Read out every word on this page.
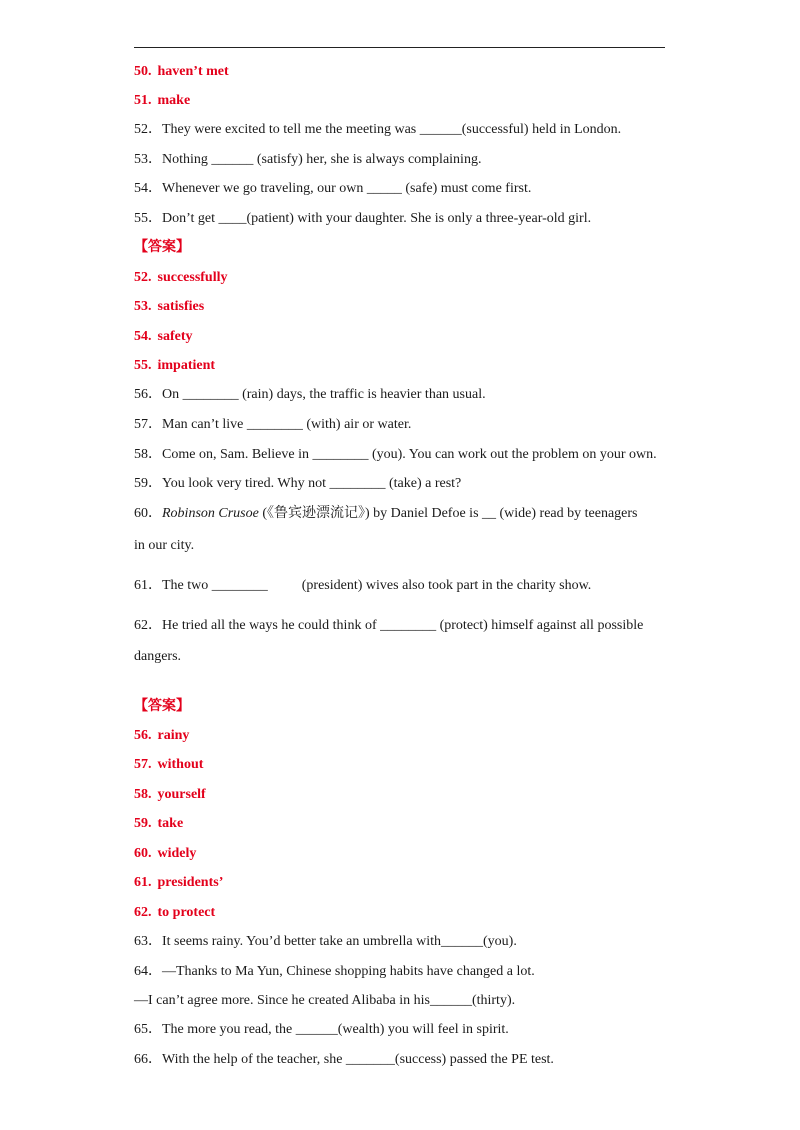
50. haven’t met
51. make
52．They were excited to tell me the meeting was ______(successful) held in London.
53．Nothing ______ (satisfy) her, she is always complaining.
54．Whenever we go traveling, our own _____ (safe) must come first.
55．Don’t get ____(patient) with your daughter. She is only a three-year-old girl.
【答案】
52. successfully
53. satisfies
54. safety
55. impatient
56．On ________ (rain) days, the traffic is heavier than usual.
57．Man can’t live ________ (with) air or water.
58．Come on, Sam. Believe in ________ (you). You can work out the problem on your own.
59．You look very tired. Why not ________ (take) a rest?
60．Robinson Crusoe (《鲁宾逊漂流记》) by Daniel Defoe is __ (wide) read by teenagers
in our city.
61．The two ________ (president) wives also took part in the charity show.
62．He tried all the ways he could think of ________ (protect) himself against all possible
dangers.
【答案】
56. rainy
57. without
58. yourself
59. take
60. widely
61. presidents’
62. to protect
63．It seems rainy. You’d better take an umbrella with______(you).
64．—Thanks to Ma Yun, Chinese shopping habits have changed a lot.
—I can’t agree more. Since he created Alibaba in his______(thirty).
65．The more you read, the ______(wealth) you will feel in spirit.
66．With the help of the teacher, she _______(success) passed the PE test.
